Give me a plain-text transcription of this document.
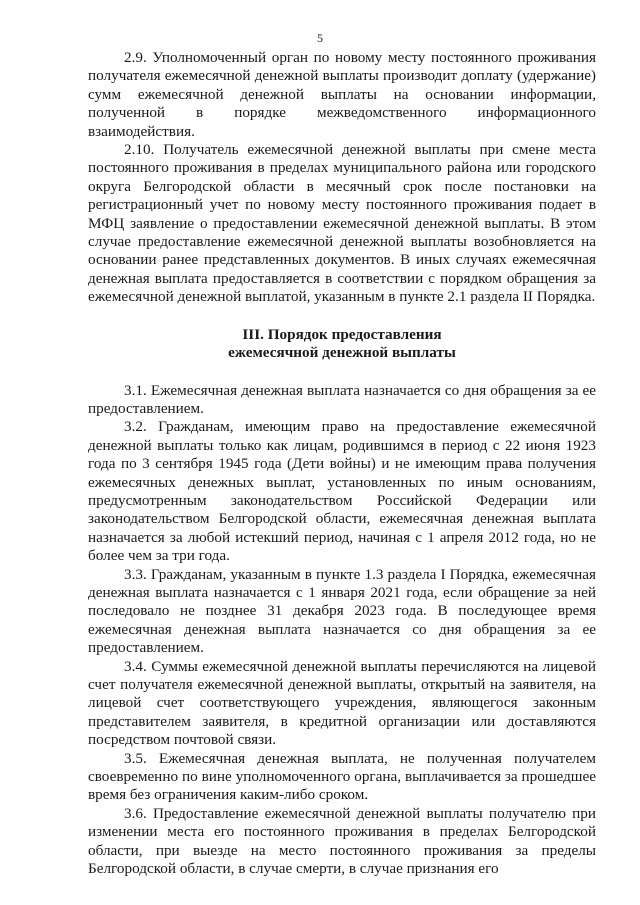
5

2.9. Уполномоченный орган по новому месту постоянного проживания получателя ежемесячной денежной выплаты производит доплату (удержание) сумм ежемесячной денежной выплаты на основании информации, полученной в порядке межведомственного информационного взаимодействия.

2.10. Получатель ежемесячной денежной выплаты при смене места постоянного проживания в пределах муниципального района или городского округа Белгородской области в месячный срок после постановки на регистрационный учет по новому месту постоянного проживания подает в МФЦ заявление о предоставлении ежемесячной денежной выплаты. В этом случае предоставление ежемесячной денежной выплаты возобновляется на основании ранее представленных документов. В иных случаях ежемесячная денежная выплата предоставляется в соответствии с порядком обращения за ежемесячной денежной выплатой, указанным в пункте 2.1 раздела II Порядка.

III. Порядок предоставления
ежемесячной денежной выплаты

3.1. Ежемесячная денежная выплата назначается со дня обращения за ее предоставлением.

3.2. Гражданам, имеющим право на предоставление ежемесячной денежной выплаты только как лицам, родившимся в период с 22 июня 1923 года по 3 сентября 1945 года (Дети войны) и не имеющим права получения ежемесячных денежных выплат, установленных по иным основаниям, предусмотренным законодательством Российской Федерации или законодательством Белгородской области, ежемесячная денежная выплата назначается за любой истекший период, начиная с 1 апреля 2012 года, но не более чем за три года.

3.3. Гражданам, указанным в пункте 1.3 раздела I Порядка, ежемесячная денежная выплата назначается с 1 января 2021 года, если обращение за ней последовало не позднее 31 декабря 2023 года. В последующее время ежемесячная денежная выплата назначается со дня обращения за ее предоставлением.

3.4. Суммы ежемесячной денежной выплаты перечисляются на лицевой счет получателя ежемесячной денежной выплаты, открытый на заявителя, на лицевой счет соответствующего учреждения, являющегося законным представителем заявителя, в кредитной организации или доставляются посредством почтовой связи.

3.5. Ежемесячная денежная выплата, не полученная получателем своевременно по вине уполномоченного органа, выплачивается за прошедшее время без ограничения каким-либо сроком.

3.6. Предоставление ежемесячной денежной выплаты получателю при изменении места его постоянного проживания в пределах Белгородской области, при выезде на место постоянного проживания за пределы Белгородской области, в случае смерти, в случае признания его
